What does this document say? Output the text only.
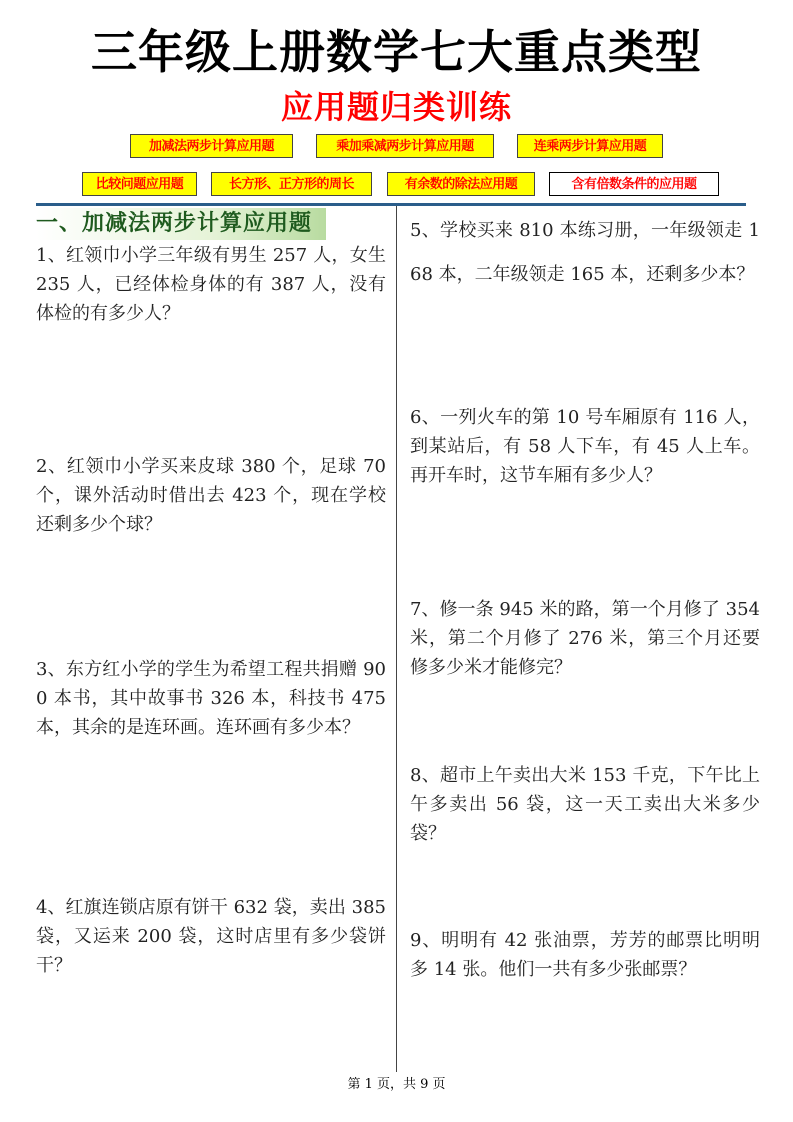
三年级上册数学七大重点类型
应用题归类训练
加减法两步计算应用题	乘加乘减两步计算应用题	连乘两步计算应用题
比较问题应用题	长方形、正方形的周长	有余数的除法应用题	含有倍数条件的应用题
一、加减法两步计算应用题
1、红领巾小学三年级有男生 257 人，女生 235 人，已经体检身体的有 387 人，没有体检的有多少人？
2、红领巾小学买来皮球 380 个，足球 70 个，课外活动时借出去 423 个，现在学校还剩多少个球？
3、东方红小学的学生为希望工程共捐赠 900 本书，其中故事书 326 本，科技书 475 本，其余的是连环画。连环画有多少本？
4、红旗连锁店原有饼干 632 袋，卖出 385 袋，又运来 200 袋，这时店里有多少袋饼干？
5、学校买来 810 本练习册，一年级领走 168 本，二年级领走 165 本，还剩多少本？
6、一列火车的第 10 号车厢原有 116 人，到某站后，有 58 人下车，有 45 人上车。再开车时，这节车厢有多少人？
7、修一条 945 米的路，第一个月修了 354 米，第二个月修了 276 米，第三个月还要修多少米才能修完？
8、超市上午卖出大米 153 千克，下午比上午多卖出 56 袋，这一天工卖出大米多少袋？
9、明明有 42 张油票，芳芳的邮票比明明多 14 张。他们一共有多少张邮票？
第 1 页，共 9 页
